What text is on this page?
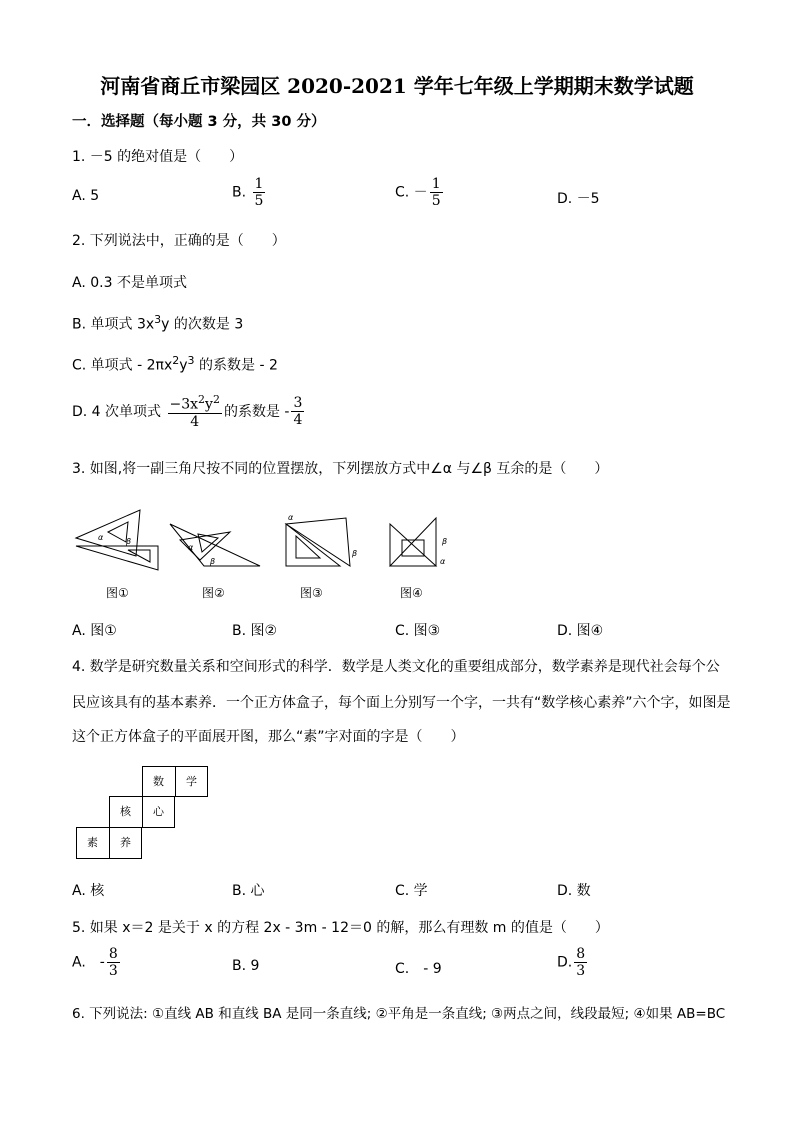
河南省商丘市梁园区 2020-2021 学年七年级上学期期末数学试题
一．选择题（每小题 3 分，共 30 分）
1. －5 的绝对值是（　　）
A. 5	B. $\frac{1}{5}$	C. － $\frac{1}{5}$	D. －5
2. 下列说法中，正确的是（　　）
A. 0.3 不是单项式
B. 单项式 $3x^3y$ 的次数是 3
C. 单项式 - $2\pi x^2y^3$ 的系数是 - 2
D. 4 次单项式 $\frac{-3x^2y^2}{4}$ 的系数是 - $\frac{3}{4}$
3. 如图,将一副三角尺按不同的位置摆放，下列摆放方式中∠α 与∠β 互余的是（　　）
α	β
α
β
α
β
β
α
图①	图②	图③	图④
A. 图①	B. 图②	C. 图③	D. 图④
4. 数学是研究数量关系和空间形式的科学．数学是人类文化的重要组成部分，数学素养是现代社会每个公
民应该具有的基本素养．一个正方体盒子，每个面上分别写一个字，一共有“数学核心素养”六个字，如图是
这个正方体盒子的平面展开图，那么“素”字对面的字是（　　）
数	学
核	心
素	养
A. 核	B. 心	C. 学	D. 数
5. 如果 x＝2 是关于 x 的方程 2x - 3m - 12＝0 的解，那么有理数 m 的值是（　　）
A.　- $\frac{8}{3}$	B. 9	C.　- 9	D. $\frac{8}{3}$
6. 下列说法: ①直线 AB 和直线 BA 是同一条直线; ②平角是一条直线; ③两点之间，线段最短; ④如果 AB=BC
